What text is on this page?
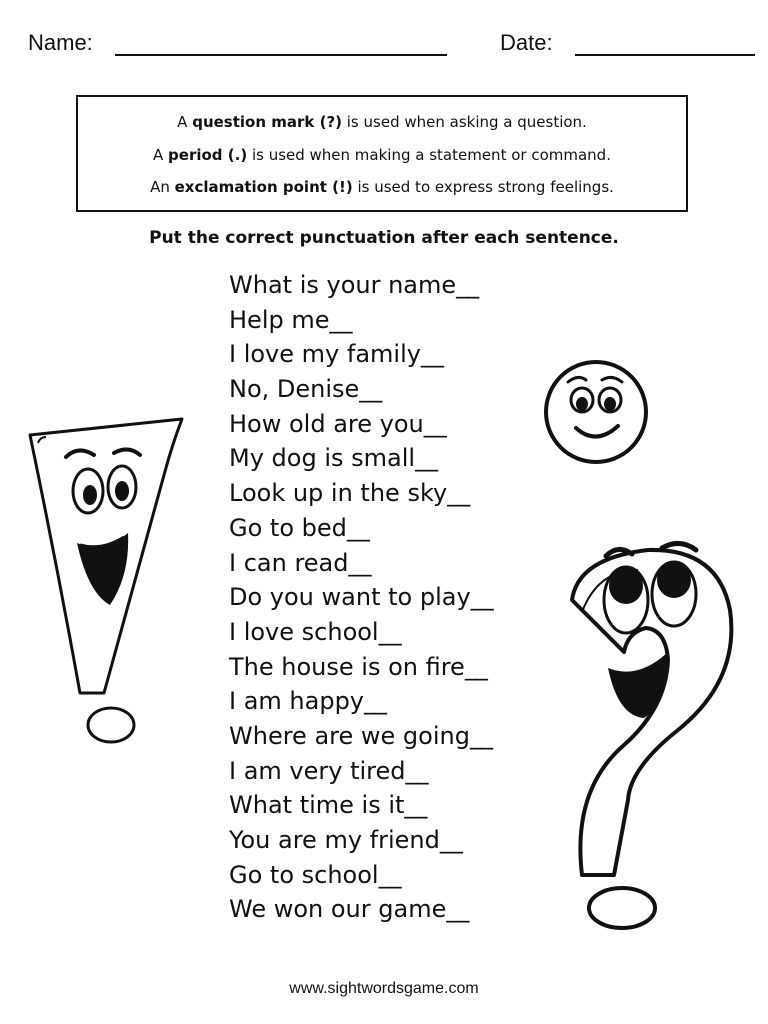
Name:	Date:
A question mark (?) is used when asking a question.
A period (.) is used when making a statement or command.
An exclamation point (!) is used to express strong feelings.
Put the correct punctuation after each sentence.
What is your name__
Help me__
I love my family__
No, Denise__
How old are you__
My dog is small__
Look up in the sky__
Go to bed__
I can read__
Do you want to play__
I love school__
The house is on fire__
I am happy__
Where are we going__
I am very tired__
What time is it__
You are my friend__
Go to school__
We won our game__
www.sightwordsgame.com
